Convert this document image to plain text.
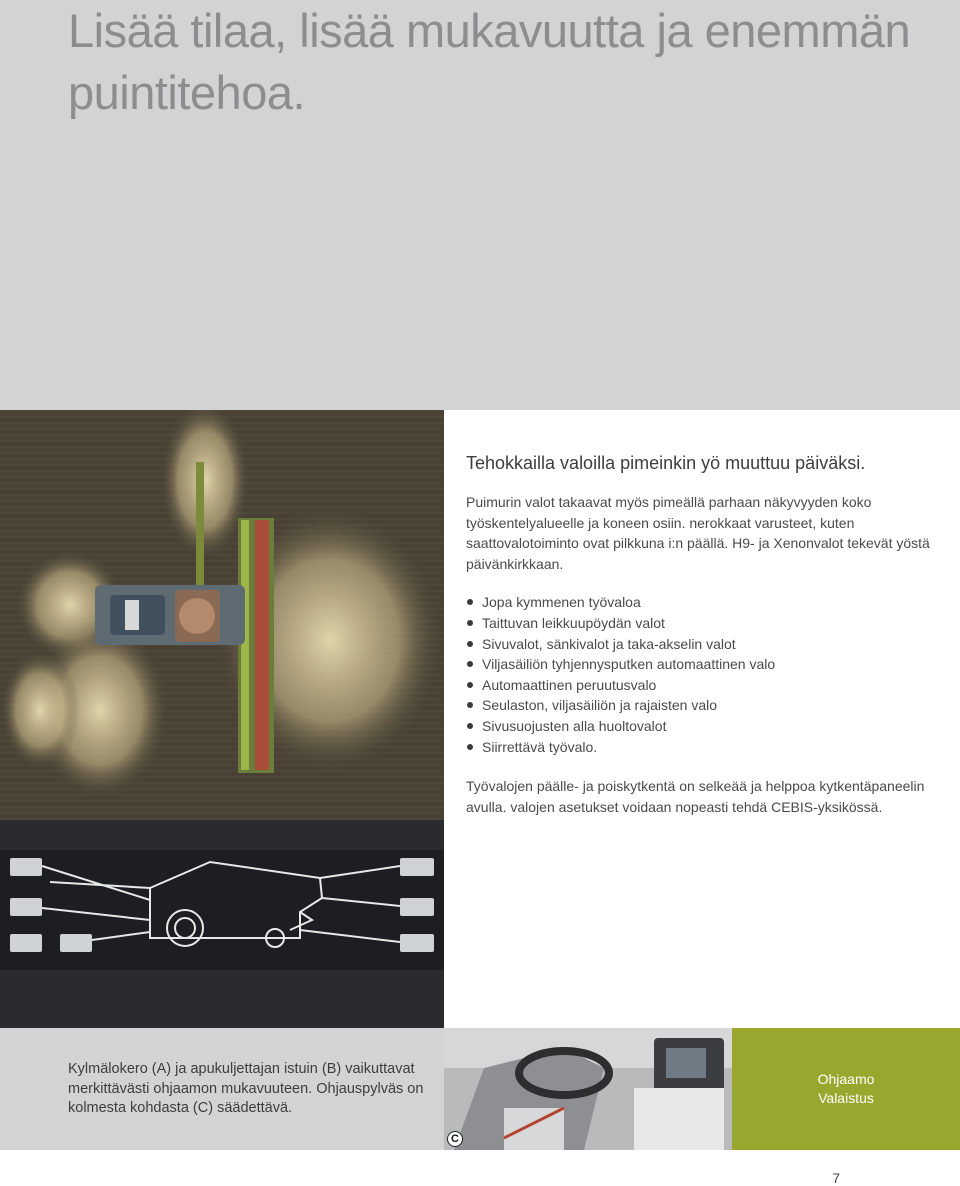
Lisää tilaa, lisää mukavuutta ja enemmän puintitehoa.

Tehokkailla valoilla pimeinkin yö muuttuu päiväksi.

Puimurin valot takaavat myös pimeällä parhaan näkyvyyden koko työskentelyalueelle ja koneen osiin. nerokkaat varusteet, kuten saattovalotoiminto ovat pilkkuna i:n päällä. H9- ja Xenonvalot tekevät yöstä päivänkirkkaan.

Jopa kymmenen työvaloa
Taittuvan leikkuupöydän valot
Sivuvalot, sänkivalot ja taka-akselin valot
Viljasäiliön tyhjennysputken automaattinen valo
Automaattinen peruutusvalo
Seulaston, viljasäiliön ja rajaisten valo
Sivusuojusten alla huoltovalot
Siirrettävä työvalo.

Työvalojen päälle- ja poiskytkentä on selkeää ja helppoa kytkentäpaneelin avulla. valojen asetukset voidaan nopeasti tehdä CEBIS-yksikössä.

Kylmälokero (A) ja apukuljettajan istuin (B) vaikuttavat merkittävästi ohjaamon mukavuuteen. Ohjauspylväs on kolmesta kohdasta (C) säädettävä.

C
Ohjaamo
Valaistus
7
